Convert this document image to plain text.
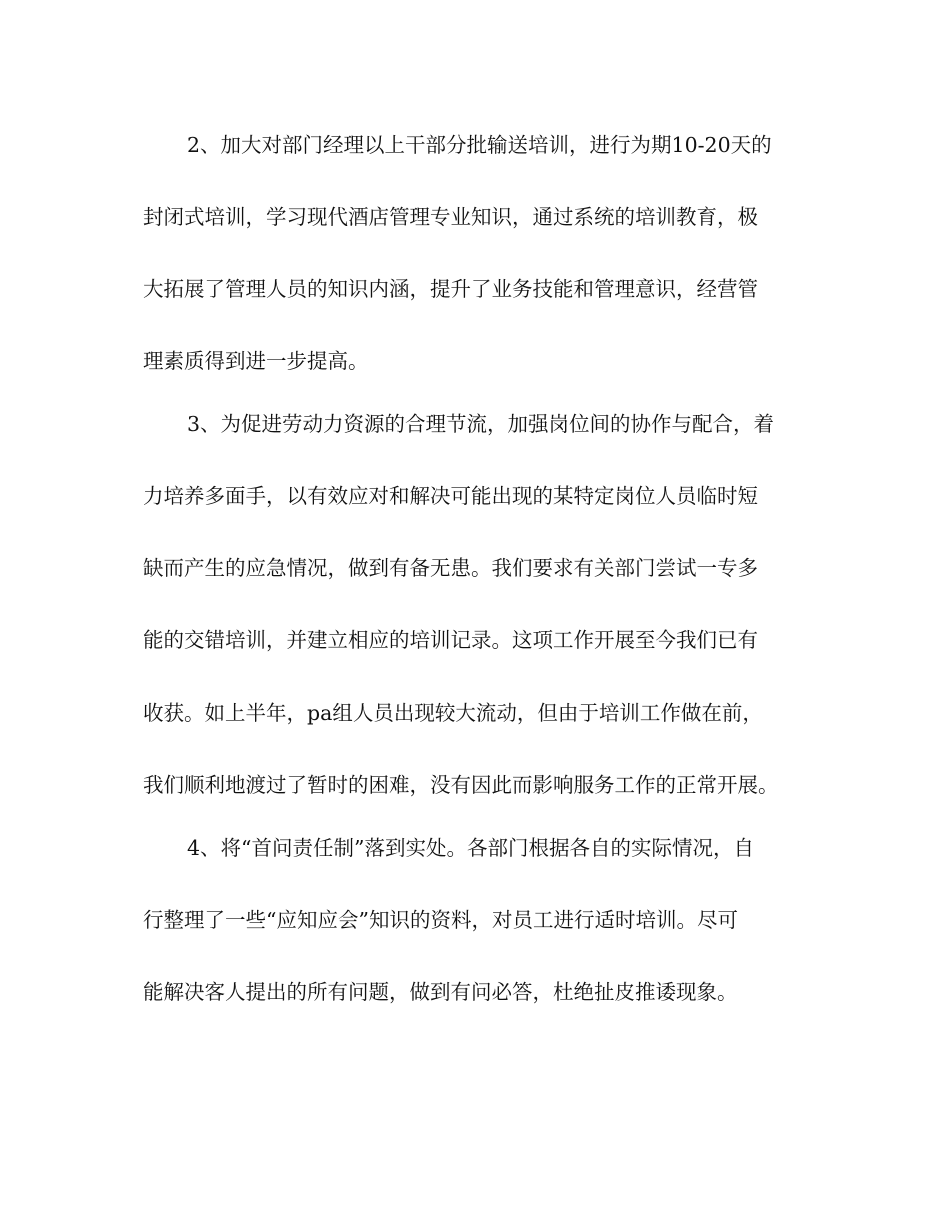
2、加大对部门经理以上干部分批输送培训，进行为期10-20天的
封闭式培训，学习现代酒店管理专业知识，通过系统的培训教育，极
大拓展了管理人员的知识内涵，提升了业务技能和管理意识，经营管
理素质得到进一步提高。
3、为促进劳动力资源的合理节流，加强岗位间的协作与配合，着
力培养多面手，以有效应对和解决可能出现的某特定岗位人员临时短
缺而产生的应急情况，做到有备无患。我们要求有关部门尝试一专多
能的交错培训，并建立相应的培训记录。这项工作开展至今我们已有
收获。如上半年，pa组人员出现较大流动，但由于培训工作做在前，
我们顺利地渡过了暂时的困难，没有因此而影响服务工作的正常开展。
4、将“首问责任制”落到实处。各部门根据各自的实际情况，自
行整理了一些“应知应会”知识的资料，对员工进行适时培训。尽可
能解决客人提出的所有问题，做到有问必答，杜绝扯皮推诿现象。
